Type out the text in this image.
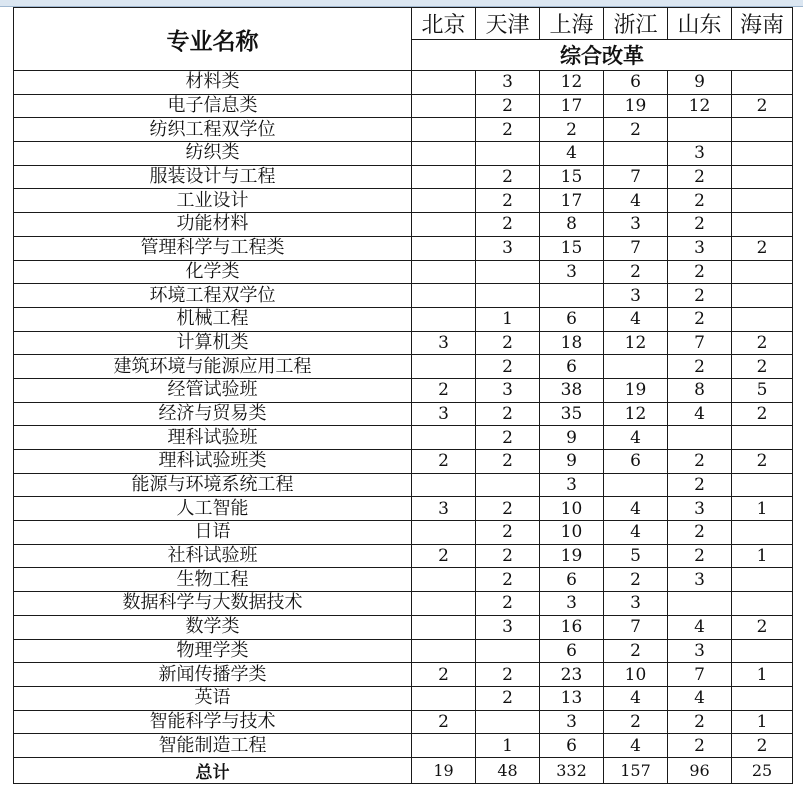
专业名称	北京	天津	上海	浙江	山东	海南
	综合改革					
材料类		3	12	6	9	
电子信息类		2	17	19	12	2
纺织工程双学位		2	2	2		
纺织类			4		3	
服装设计与工程		2	15	7	2	
工业设计		2	17	4	2	
功能材料		2	8	3	2	
管理科学与工程类		3	15	7	3	2
化学类			3	2	2	
环境工程双学位				3	2	
机械工程		1	6	4	2	
计算机类	3	2	18	12	7	2
建筑环境与能源应用工程		2	6		2	2
经管试验班	2	3	38	19	8	5
经济与贸易类	3	2	35	12	4	2
理科试验班		2	9	4		
理科试验班类	2	2	9	6	2	2
能源与环境系统工程			3		2	
人工智能	3	2	10	4	3	1
日语		2	10	4	2	
社科试验班	2	2	19	5	2	1
生物工程		2	6	2	3	
数据科学与大数据技术		2	3	3		
数学类		3	16	7	4	2
物理学类			6	2	3	
新闻传播学类	2	2	23	10	7	1
英语		2	13	4	4	
智能科学与技术	2		3	2	2	1
智能制造工程		1	6	4	2	2
总计	19	48	332	157	96	25
